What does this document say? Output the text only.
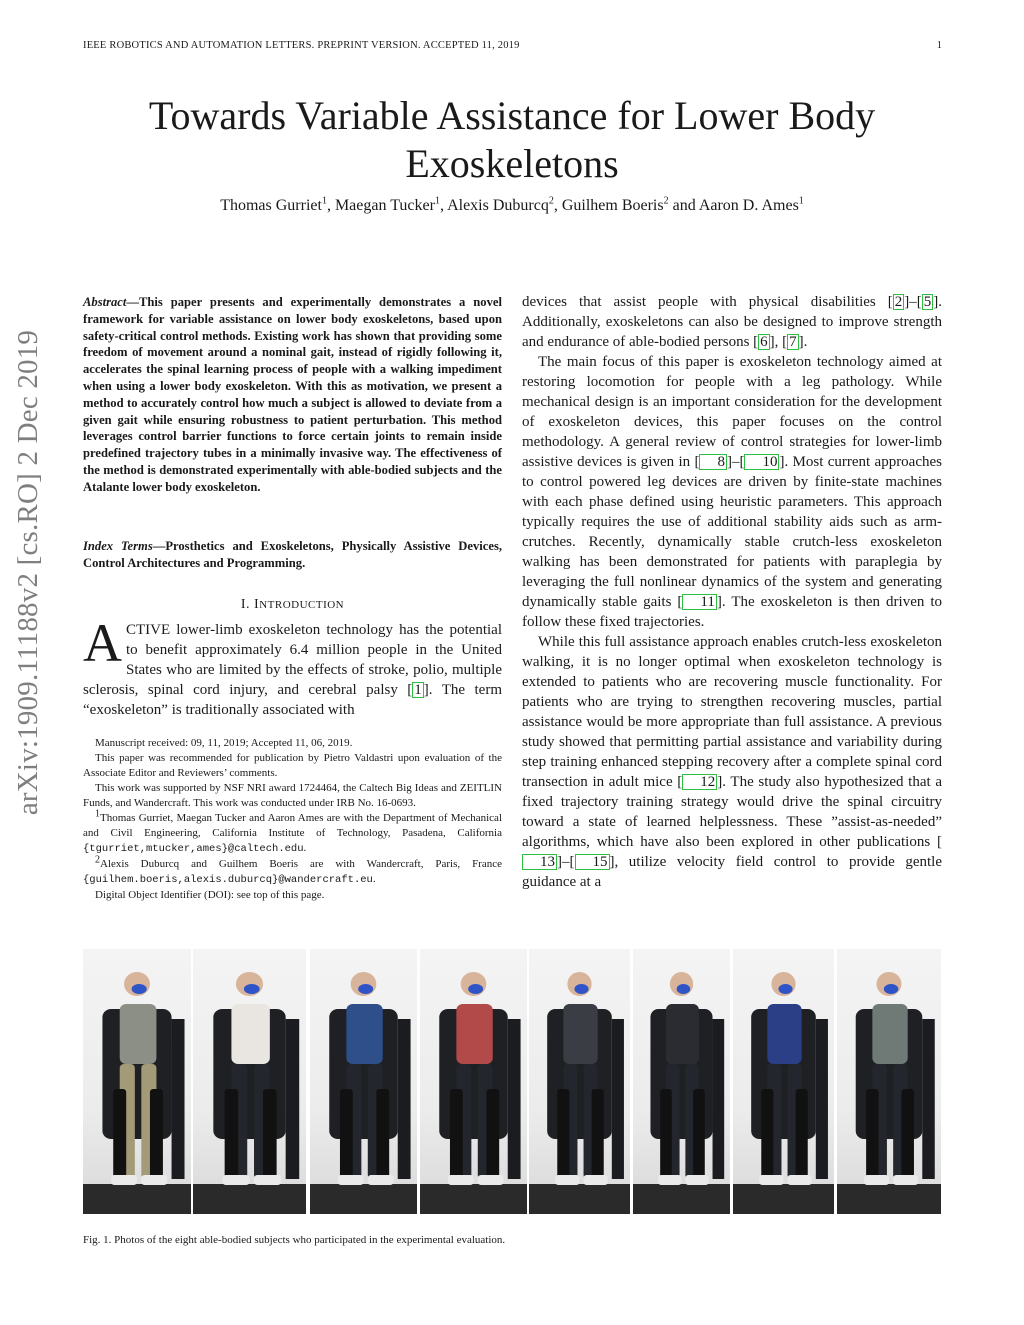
IEEE ROBOTICS AND AUTOMATION LETTERS. PREPRINT VERSION. ACCEPTED 11, 2019	1
Towards Variable Assistance for Lower Body Exoskeletons
Thomas Gurriet$^1$, Maegan Tucker$^1$, Alexis Duburcq$^2$, Guilhem Boeris$^2$ and Aaron D. Ames$^1$
arXiv:1909.11188v2 [cs.RO] 2 Dec 2019
Abstract—This paper presents and experimentally demonstrates a novel framework for variable assistance on lower body exoskeletons, based upon safety-critical control methods. Existing work has shown that providing some freedom of movement around a nominal gait, instead of rigidly following it, accelerates the spinal learning process of people with a walking impediment when using a lower body exoskeleton. With this as motivation, we present a method to accurately control how much a subject is allowed to deviate from a given gait while ensuring robustness to patient perturbation. This method leverages control barrier functions to force certain joints to remain inside predefined trajectory tubes in a minimally invasive way. The effectiveness of the method is demonstrated experimentally with able-bodied subjects and the Atalante lower body exoskeleton.
Index Terms—Prosthetics and Exoskeletons, Physically Assistive Devices, Control Architectures and Programming.
I. INTRODUCTION
ACTIVE lower-limb exoskeleton technology has the potential to benefit approximately 6.4 million people in the United States who are limited by the effects of stroke, polio, multiple sclerosis, spinal cord injury, and cerebral palsy [ 1 ]. The term “exoskeleton” is traditionally associated with

Manuscript received: 09, 11, 2019; Accepted 11, 06, 2019.

This paper was recommended for publication by Pietro Valdastri upon evaluation of the Associate Editor and Reviewers’ comments.

This work was supported by NSF NRI award 1724464, the Caltech Big Ideas and ZEITLIN Funds, and Wandercraft. This work was conducted under IRB No. 16-0693.

$^1$Thomas Gurriet, Maegan Tucker and Aaron Ames are with the Department of Mechanical and Civil Engineering, California Institute of Technology, Pasadena, California {tgurriet,mtucker,ames}@caltech.edu.

$^2$Alexis Duburcq and Guilhem Boeris are with Wandercraft, Paris, France {guilhem.boeris,alexis.duburcq}@wandercraft.eu.

Digital Object Identifier (DOI): see top of this page.

devices that assist people with physical disabilities [ 2 ]–[ 5 ]. Additionally, exoskeletons can also be designed to improve strength and endurance of able-bodied persons [ 6 ], [ 7 ].

The main focus of this paper is exoskeleton technology aimed at restoring locomotion for people with a leg pathology. While mechanical design is an important consideration for the development of exoskeleton devices, this paper focuses on the control methodology. A general review of control strategies for lower-limb assistive devices is given in [ 8 ]–[ 10 ]. Most current approaches to control powered leg devices are driven by finite-state machines with each phase defined using heuristic parameters. This approach typically requires the use of additional stability aids such as arm-crutches. Recently, dynamically stable crutch-less exoskeleton walking has been demonstrated for patients with paraplegia by leveraging the full nonlinear dynamics of the system and generating dynamically stable gaits [ 11 ]. The exoskeleton is then driven to follow these fixed trajectories.

While this full assistance approach enables crutch-less exoskeleton walking, it is no longer optimal when exoskeleton technology is extended to patients who are recovering muscle functionality. For patients who are trying to strengthen recovering muscles, partial assistance would be more appropriate than full assistance. A previous study showed that permitting partial assistance and variability during step training enhanced stepping recovery after a complete spinal cord transection in adult mice [ 12 ]. The study also hypothesized that a fixed trajectory training strategy would drive the spinal circuitry toward a state of learned helplessness. These ”assist-as-needed” algorithms, which have also been explored in other publications [13 ]–[ 15 ], utilize velocity field control to provide gentle guidance at a

Fig. 1. Photos of the eight able-bodied subjects who participated in the experimental evaluation.
